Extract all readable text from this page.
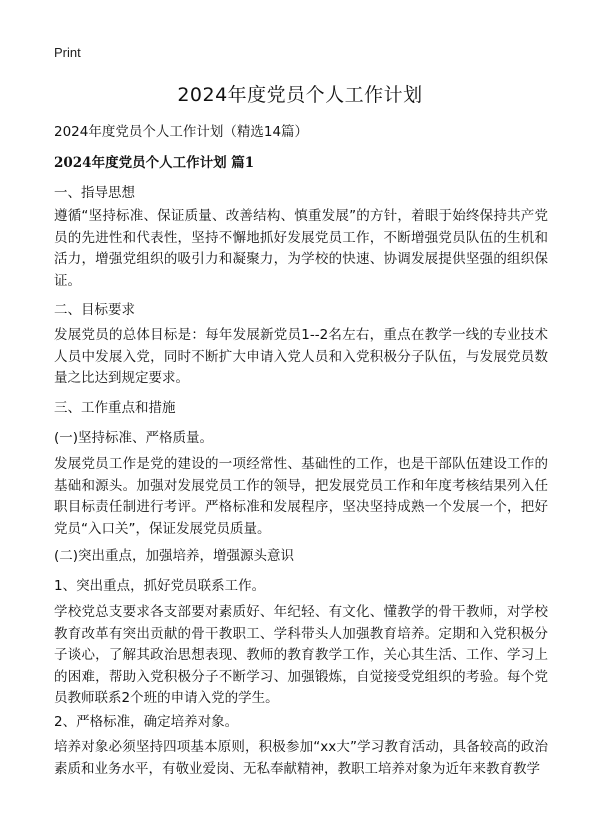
Print
2024年度党员个人工作计划
2024年度党员个人工作计划（精选14篇）
2024年度党员个人工作计划 篇1
一、指导思想

遵循“坚持标准、保证质量、改善结构、慎重发展”的方针，着眼于始终保持共产党员的先进性和代表性，坚持不懈地抓好发展党员工作，不断增强党员队伍的生机和活力，增强党组织的吸引力和凝聚力，为学校的快速、协调发展提供坚强的组织保证。

二、目标要求

发展党员的总体目标是：每年发展新党员1--2名左右，重点在教学一线的专业技术人员中发展入党，同时不断扩大申请入党人员和入党积极分子队伍，与发展党员数量之比达到规定要求。

三、工作重点和措施
(一)坚持标准、严格质量。

发展党员工作是党的建设的一项经常性、基础性的工作，也是干部队伍建设工作的基础和源头。加强对发展党员工作的领导，把发展党员工作和年度考核结果列入任职目标责任制进行考评。严格标准和发展程序，坚决坚持成熟一个发展一个，把好党员“入口关”，保证发展党员质量。

(二)突出重点，加强培养，增强源头意识
1、突出重点，抓好党员联系工作。

学校党总支要求各支部要对素质好、年纪轻、有文化、懂教学的骨干教师，对学校教育改革有突出贡献的骨干教职工、学科带头人加强教育培养。定期和入党积极分子谈心，了解其政治思想表现、教师的教育教学工作，关心其生活、工作、学习上的困难，帮助入党积极分子不断学习、加强锻炼，自觉接受党组织的考验。每个党员教师联系2个班的申请入党的学生。

2、严格标准，确定培养对象。

培养对象必须坚持四项基本原则，积极参加“xx大”学习教育活动，具备较高的政治素质和业务水平，有敬业爱岗、无私奉献精神，教职工培养对象为近年来教育教学
